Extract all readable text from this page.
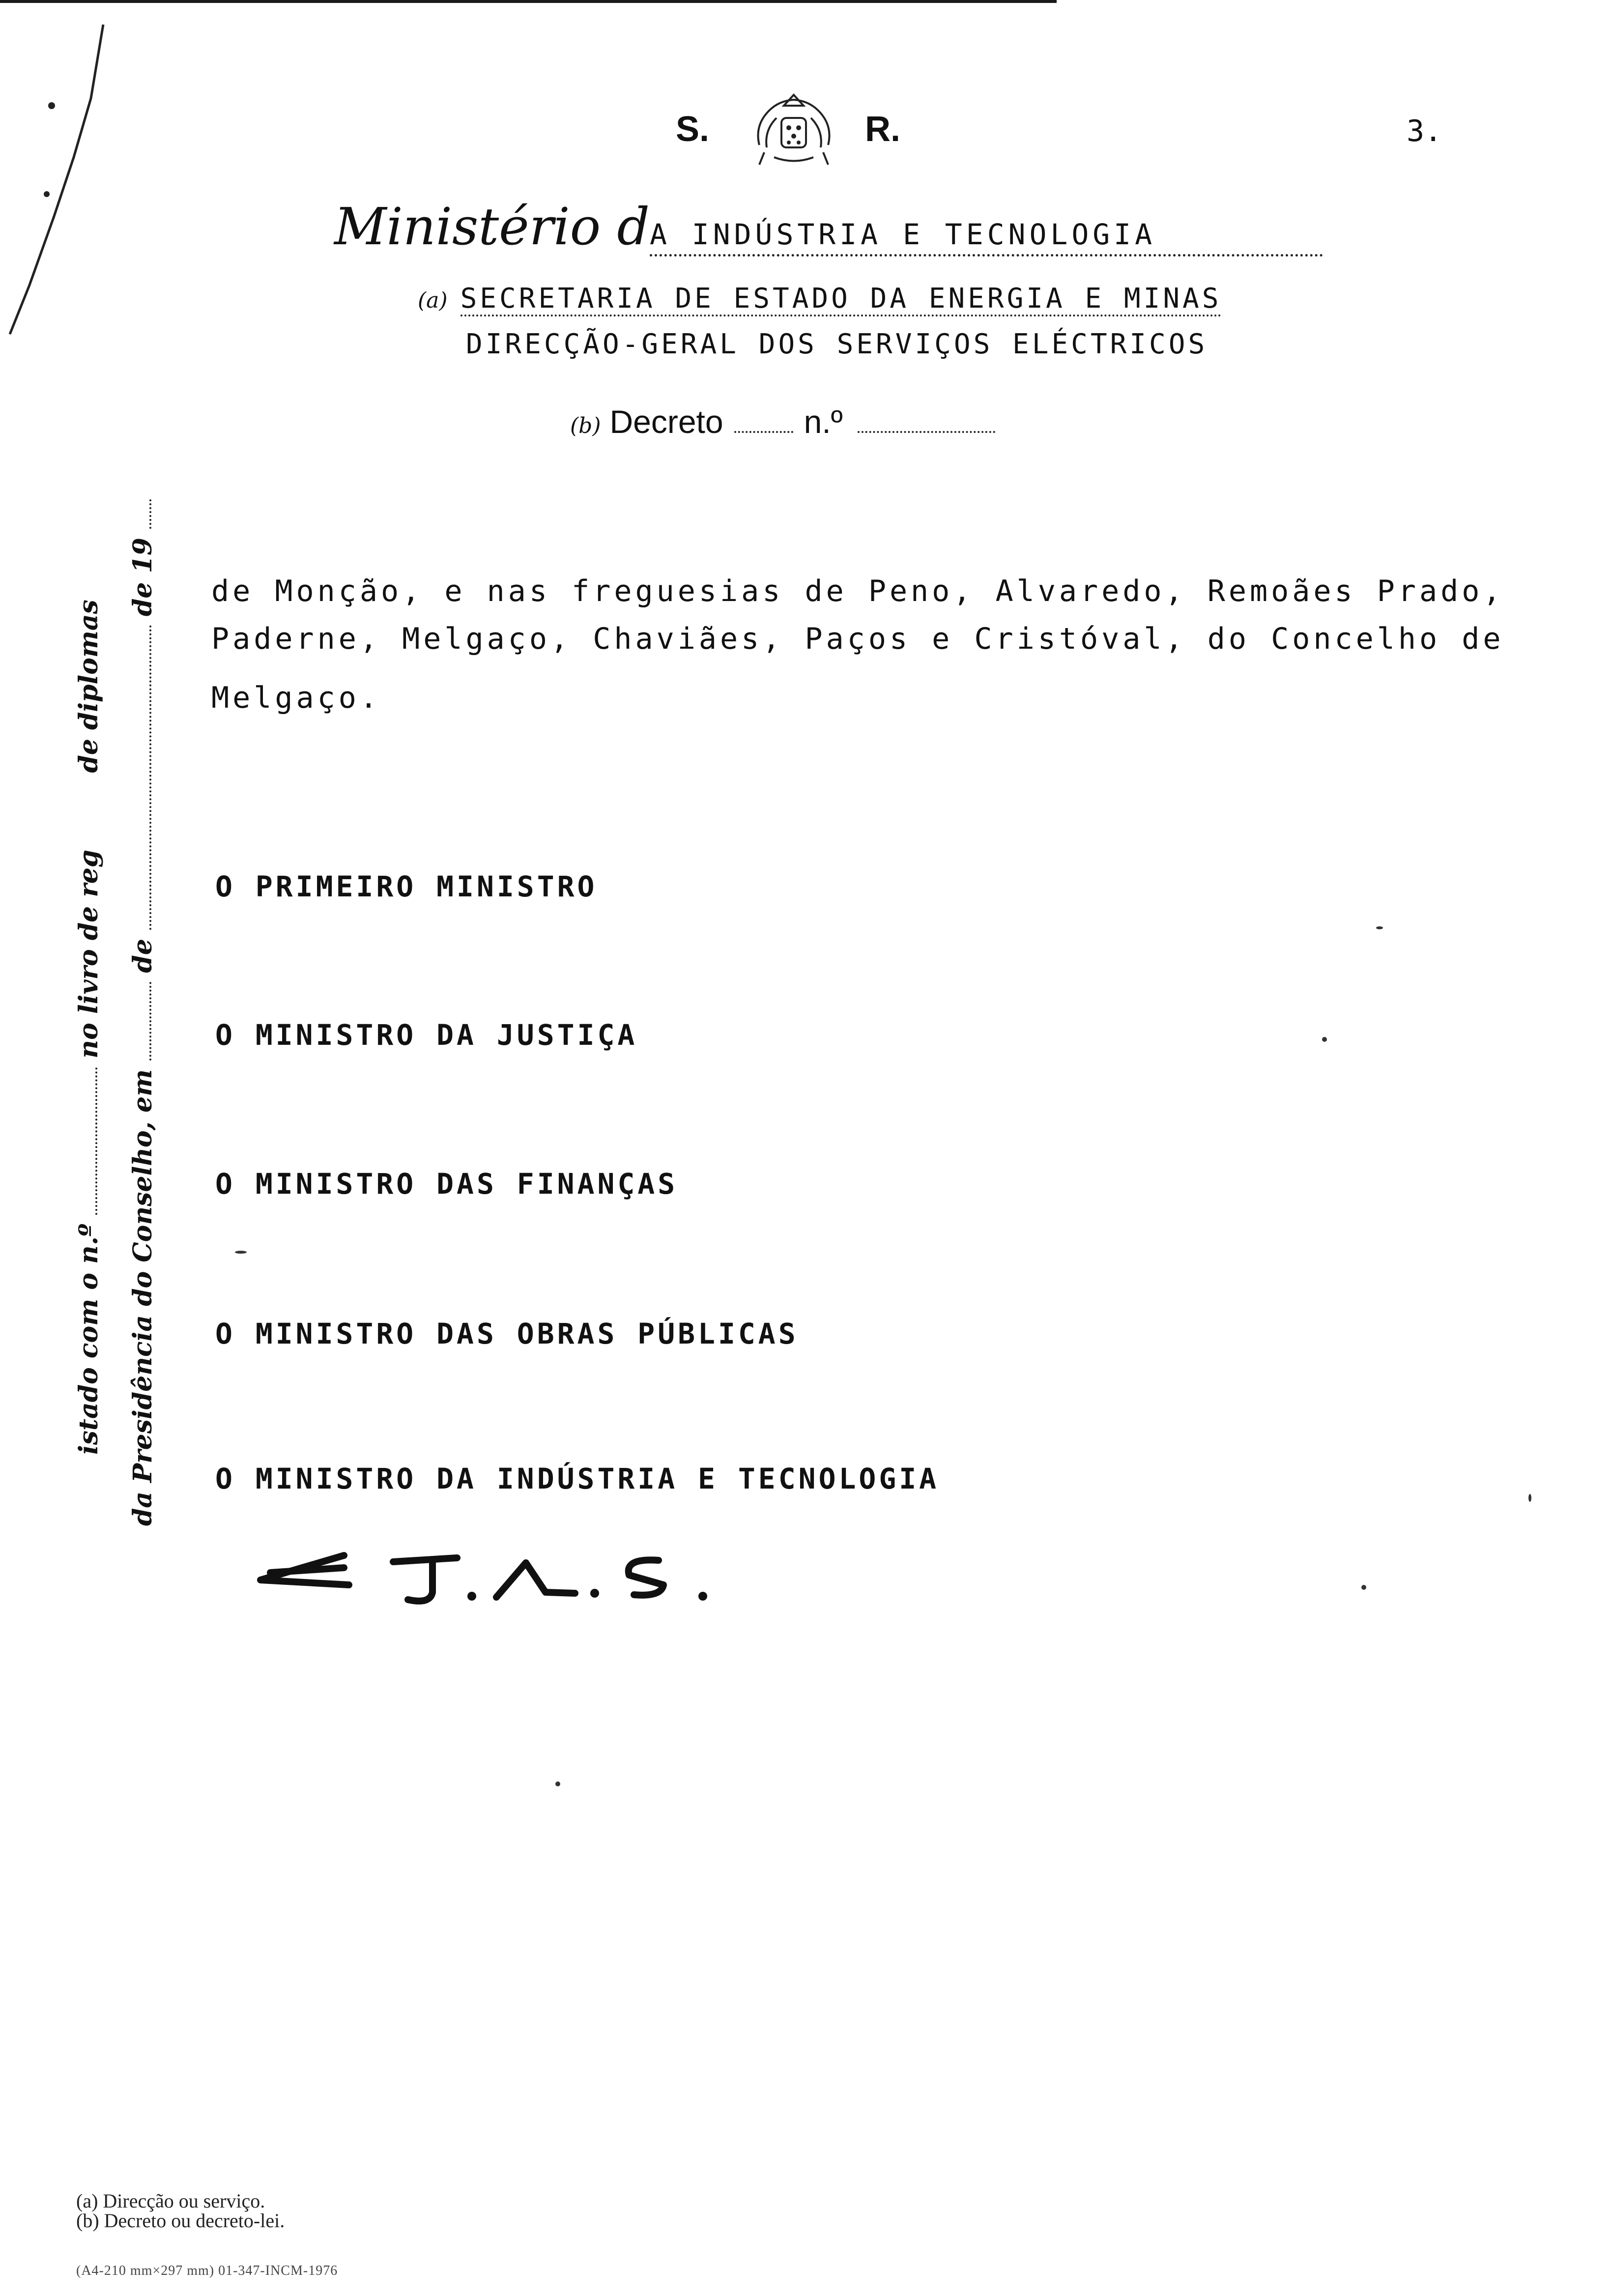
S.	R.	3.
Ministério dA INDÚSTRIA E TECNOLOGIA
(a) SECRETARIA DE ESTADO DA ENERGIA E MINAS
DIRECÇÃO-GERAL DOS SERVIÇOS ELÉCTRICOS
(b) Decreto n.º
de Monção, e nas freguesias de Peno, Alvaredo, Remoães Prado,
Paderne, Melgaço, Chaviães, Paços e Cristóval, do Concelho de
Melgaço.
O PRIMEIRO MINISTRO
O MINISTRO DA JUSTIÇA
O MINISTRO DAS FINANÇAS
O MINISTRO DAS OBRAS PÚBLICAS
O MINISTRO DA INDÚSTRIA E TECNOLOGIA
istado com o n.º  no livro de reg  de diplomas
da Presidência do Conselho, em  de  de 19
(a) Direcção ou serviço.
(b) Decreto ou decreto-lei.
(A4-210 mm×297 mm) 01-347-INCM-1976
